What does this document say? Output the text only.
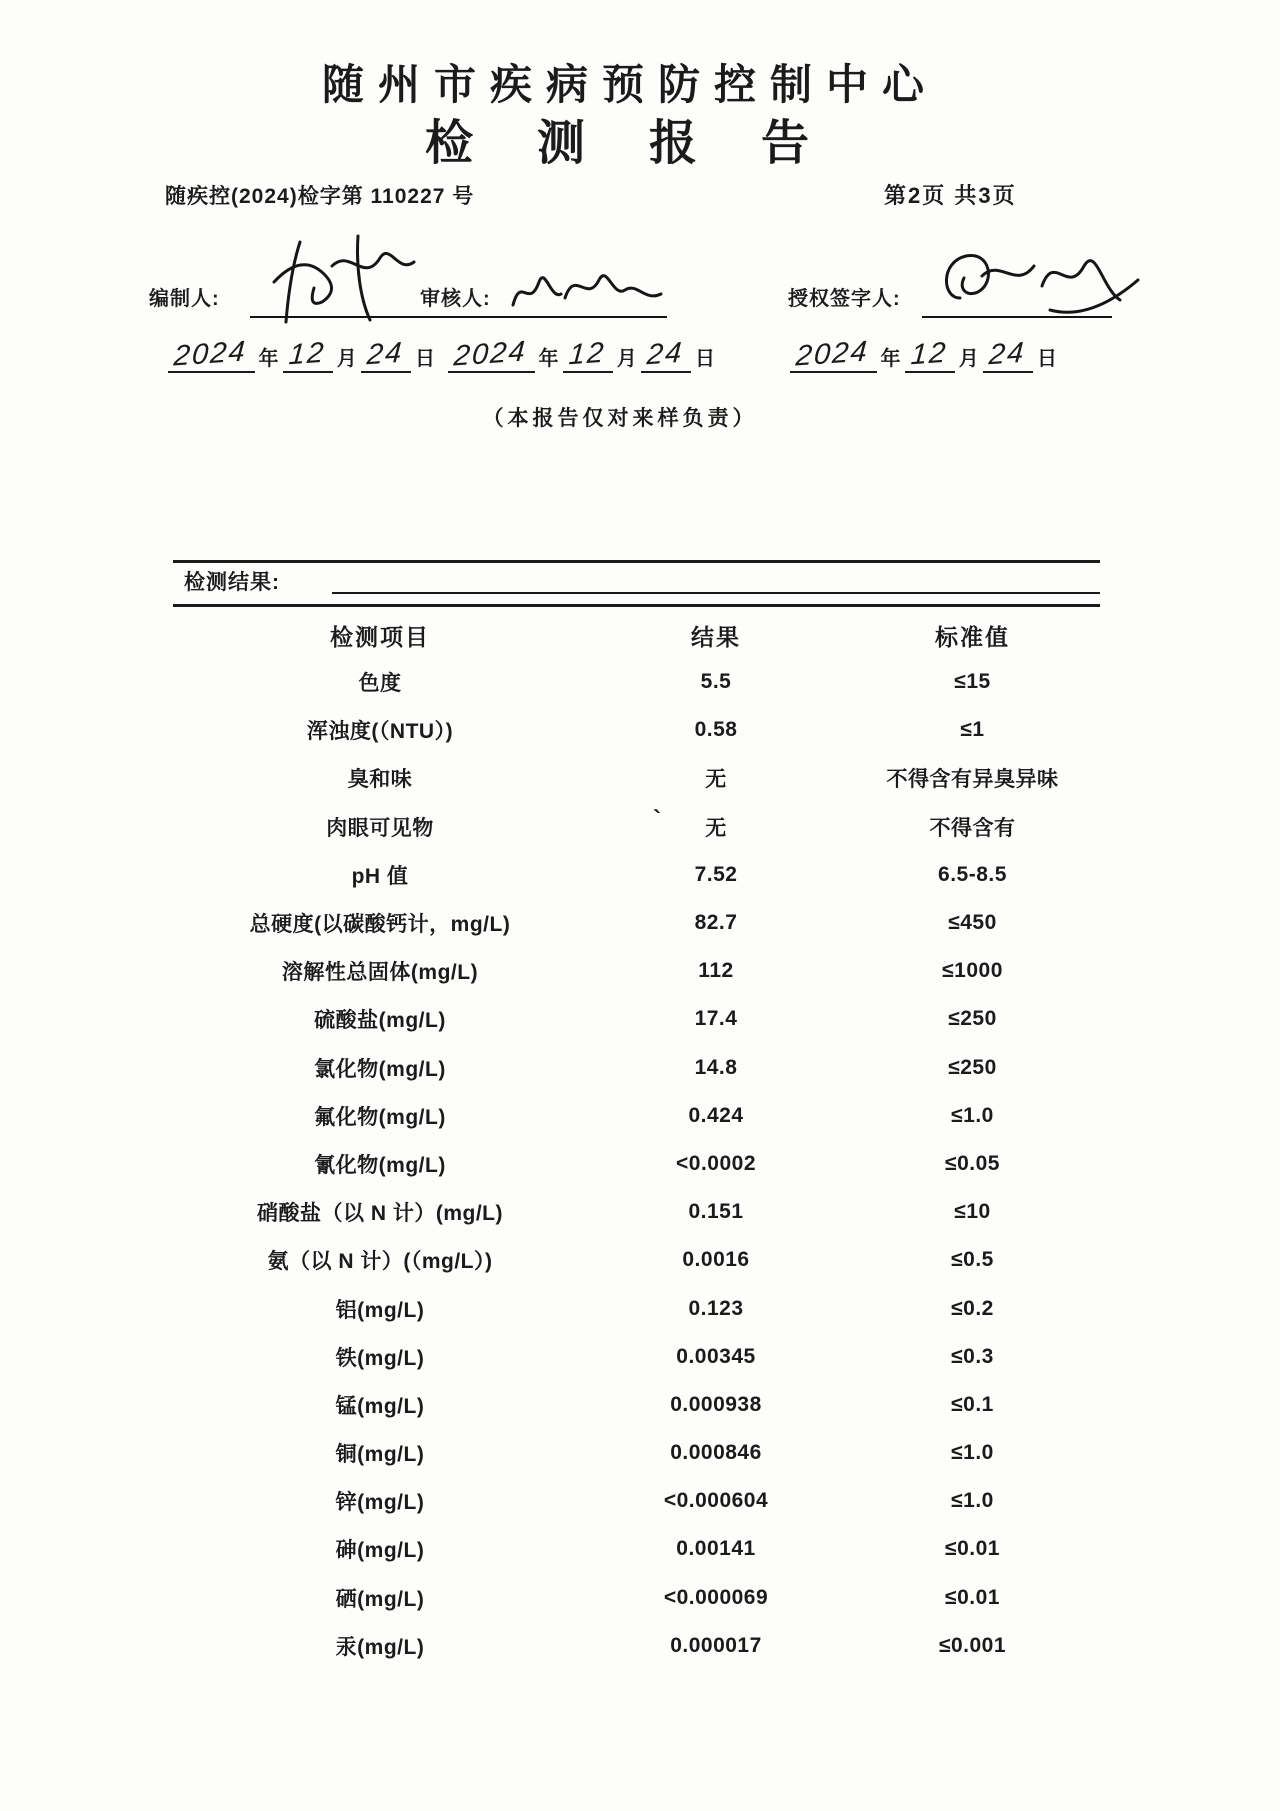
随州市疾病预防控制中心
检 测 报 告
随疾控(2024)检字第 110227 号	第2页 共3页
编制人:	审核人:	授权签字人:
2024 年 12 月 24 日 2024 年 12 月 24 日	2024 年 12 月 24 日
（本报告仅对来样负责）
检测结果:
检测项目	结果	标准值
色度	5.5	≤15
浑浊度(（NTU）)	0.58	≤1
臭和味	无	不得含有异臭异味
肉眼可见物	无	不得含有
pH 值	7.52	6.5-8.5
总硬度(以碳酸钙计，mg/L)	82.7	≤450
溶解性总固体(mg/L)	112	≤1000
硫酸盐(mg/L)	17.4	≤250
氯化物(mg/L)	14.8	≤250
氟化物(mg/L)	0.424	≤1.0
氰化物(mg/L)	<0.0002	≤0.05
硝酸盐（以 N 计）(mg/L)	0.151	≤10
氨（以 N 计）(（mg/L）)	0.0016	≤0.5
铝(mg/L)	0.123	≤0.2
铁(mg/L)	0.00345	≤0.3
锰(mg/L)	0.000938	≤0.1
铜(mg/L)	0.000846	≤1.0
锌(mg/L)	<0.000604	≤1.0
砷(mg/L)	0.00141	≤0.01
硒(mg/L)	<0.000069	≤0.01
汞(mg/L)	0.000017	≤0.001
`
